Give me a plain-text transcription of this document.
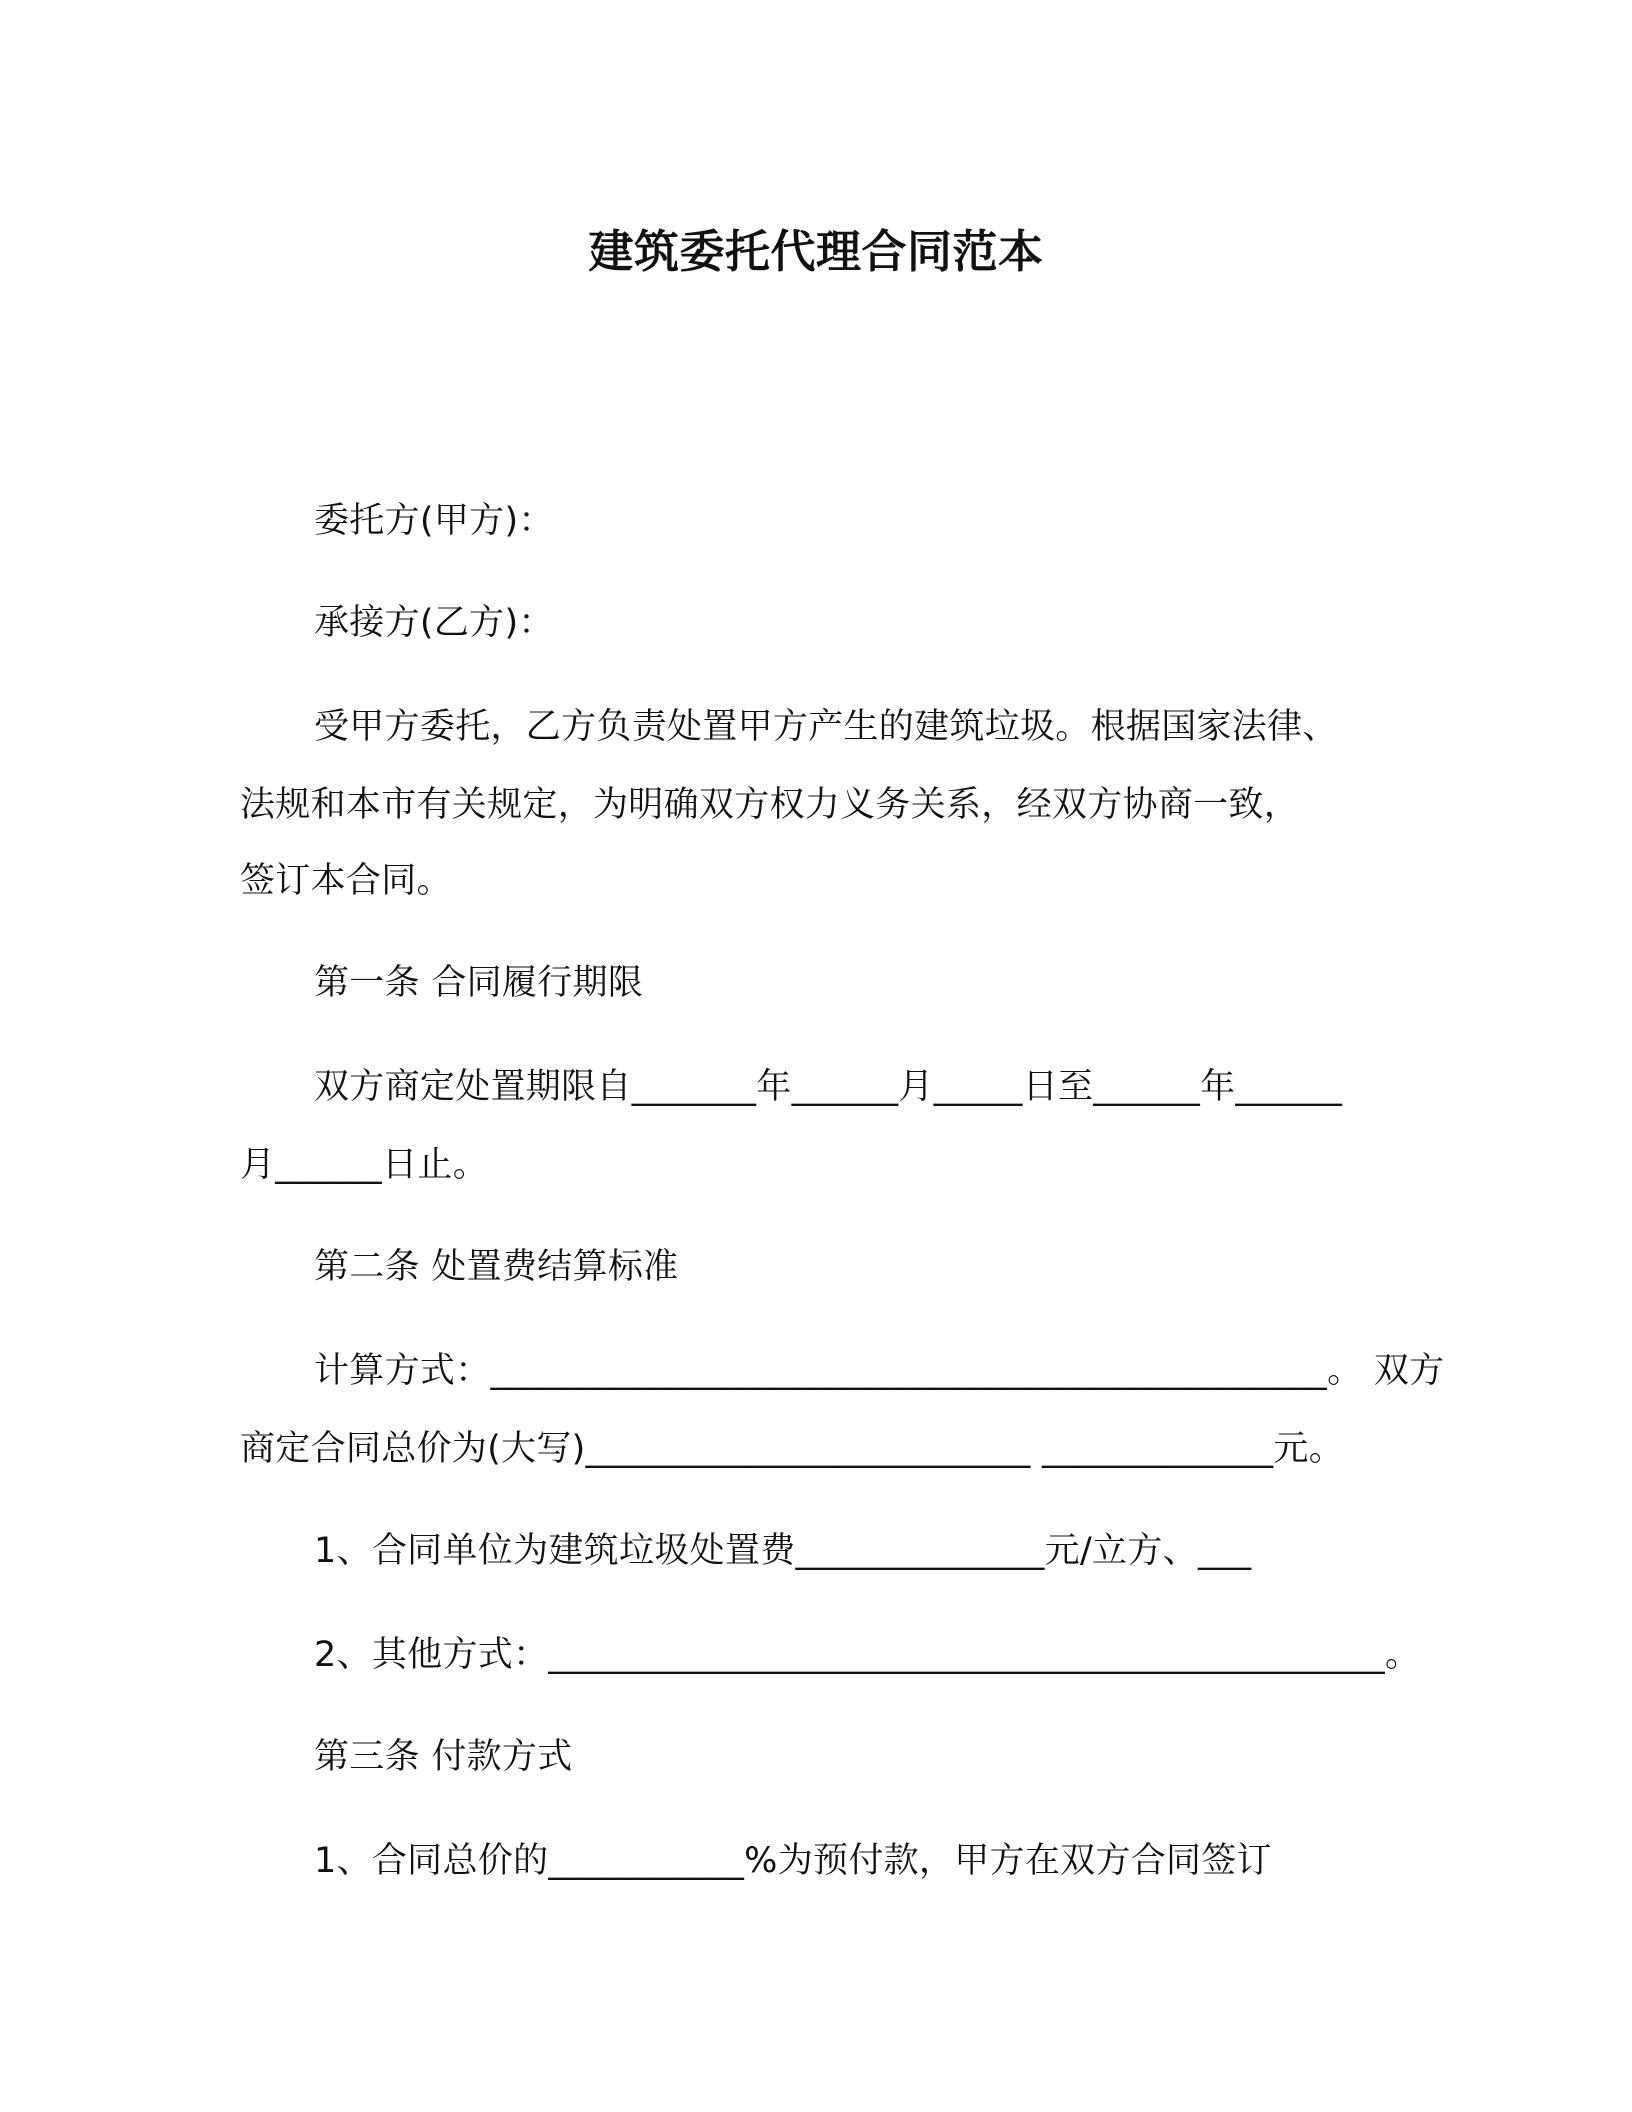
建筑委托代理合同范本
委托方(甲方)：
承接方(乙方)：
受甲方委托，乙方负责处置甲方产生的建筑垃圾。根据国家法律、
法规和本市有关规定，为明确双方权力义务关系，经双方协商一致，
签订本合同。
第一条 合同履行期限
双方商定处置期限自_______年______月_____日至______年______
月______日止。
第二条 处置费结算标准
计算方式：_______________________________________________。 双方
商定合同总价为(大写)_________________________ _____________元。
1、合同单位为建筑垃圾处置费______________元/立方、___
2、其他方式：_______________________________________________。
第三条 付款方式
1、合同总价的___________%为预付款，甲方在双方合同签订
